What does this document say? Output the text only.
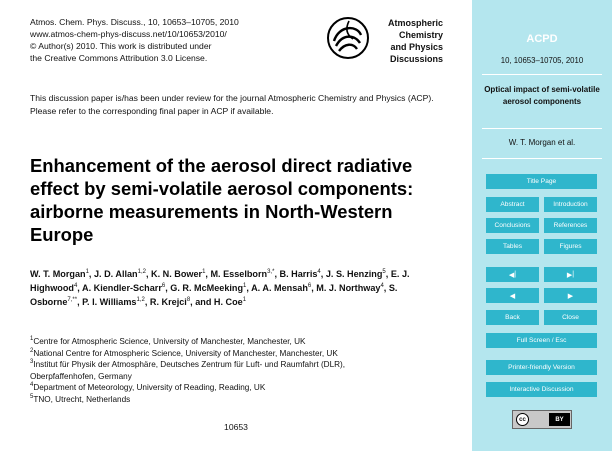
Atmos. Chem. Phys. Discuss., 10, 10653–10705, 2010
www.atmos-chem-phys-discuss.net/10/10653/2010/
© Author(s) 2010. This work is distributed under
the Creative Commons Attribution 3.0 License.
Atmospheric
Chemistry
and Physics
Discussions
This discussion paper is/has been under review for the journal Atmospheric Chemistry and Physics (ACP). Please refer to the corresponding final paper in ACP if available.
Enhancement of the aerosol direct radiative effect by semi-volatile aerosol components: airborne measurements in North-Western Europe
W. T. Morgan$^1$, J. D. Allan$^{1,2}$, K. N. Bower$^1$, M. Esselborn$^{3,*}$, B. Harris$^4$, J. S. Henzing$^5$, E. J. Highwood$^4$, A. Kiendler-Scharr$^6$, G. R. McMeeking$^1$, A. A. Mensah$^6$, M. J. Northway$^4$, S. Osborne$^{7,**}$, P. I. Williams$^{1,2}$, R. Krejci$^8$, and H. Coe$^1$
$^1$Centre for Atmospheric Science, University of Manchester, Manchester, UK
$^2$National Centre for Atmospheric Science, University of Manchester, Manchester, UK
$^3$Institut für Physik der Atmosphäre, Deutsches Zentrum für Luft- und Raumfahrt (DLR),
Oberpfaffenhofen, Germany
$^4$Department of Meteorology, University of Reading, Reading, UK
$^5$TNO, Utrecht, Netherlands
10653
ACPD
10, 10653–10705, 2010
Optical impact of semi-volatile aerosol components
W. T. Morgan et al.
Title Page
Abstract	Introduction
Conclusions	References
Tables	Figures
◀ |	▶ |
◀	▶
Back	Close
Full Screen / Esc
Printer-friendly Version
Interactive Discussion
cc	BY
